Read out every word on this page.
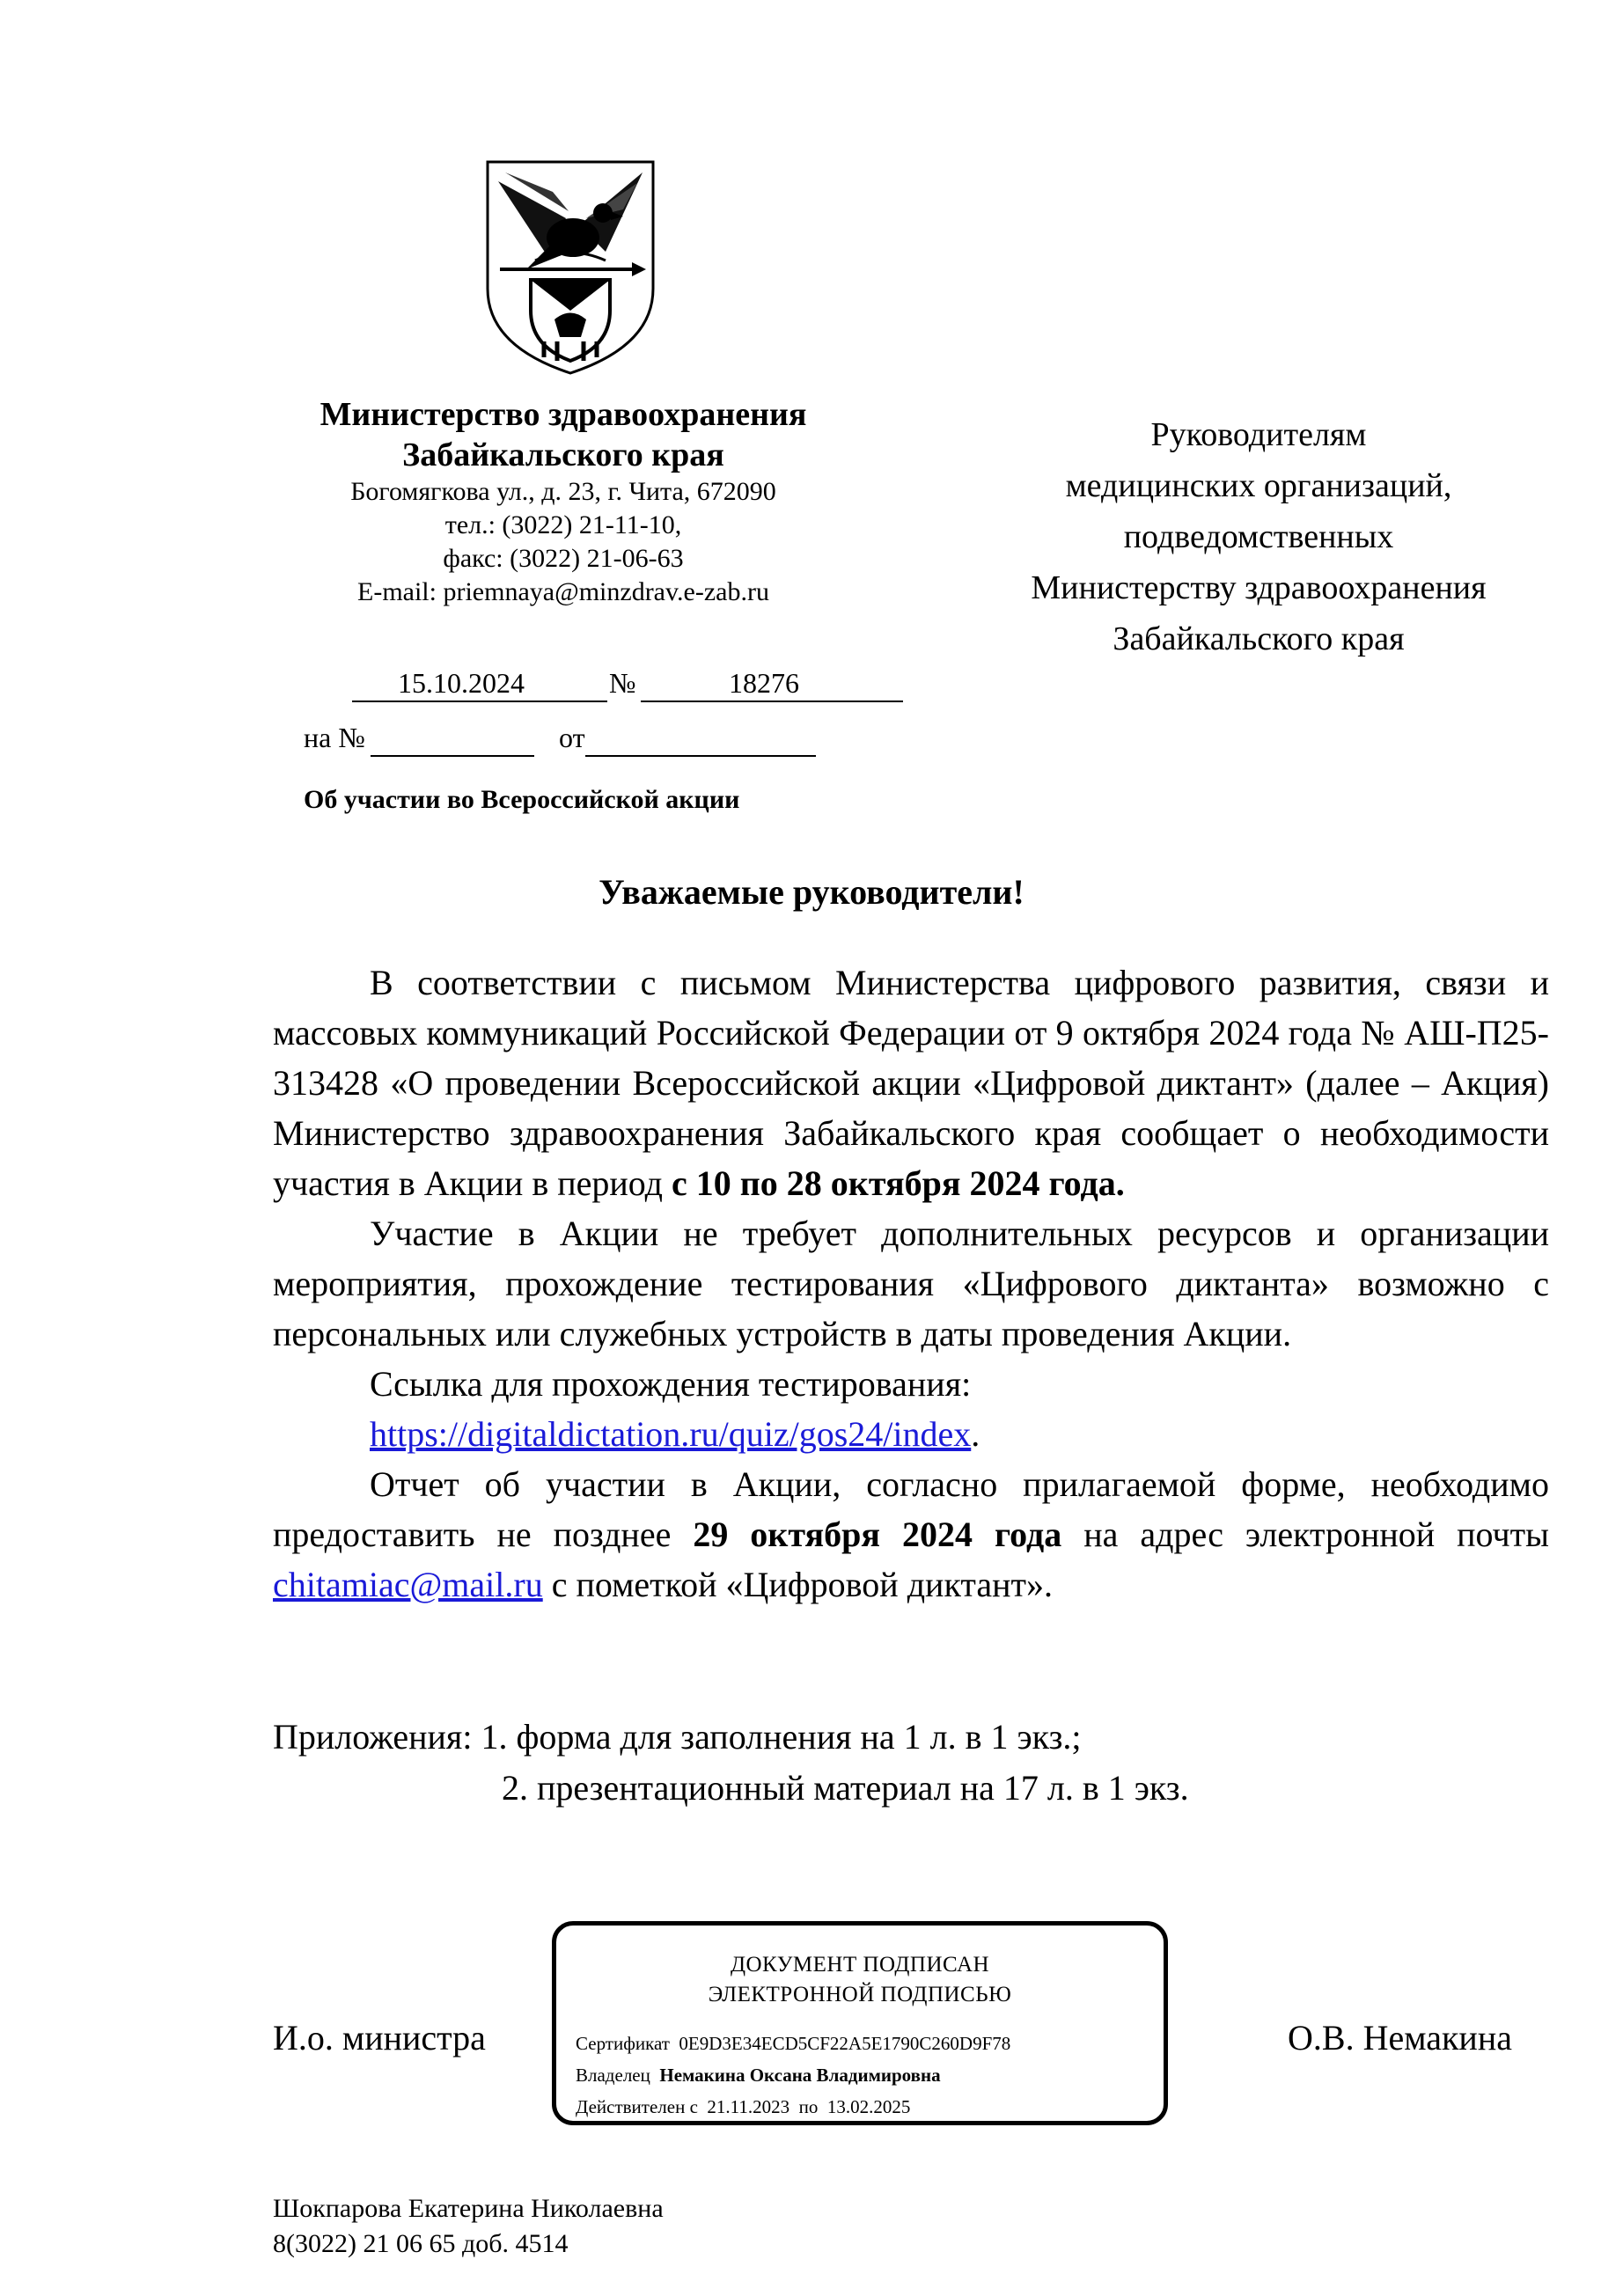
Министерство здравоохранения
Забайкальского края
Богомягкова ул., д. 23, г. Чита, 672090
тел.: (3022) 21-11-10,
факс: (3022) 21-06-63
E-mail: priemnaya@minzdrav.e-zab.ru
Руководителям
медицинских организаций,
подведомственных
Министерству здравоохранения
Забайкальского края
15.10.2024	№	18276
на №	от
Об участии во Всероссийской акции
Уважаемые руководители!

В соответствии с письмом Министерства цифрового развития, связи и массовых коммуникаций Российской Федерации от 9 октября 2024 года № АШ-П25-313428 «О проведении Всероссийской акции «Цифровой диктант» (далее – Акция) Министерство здравоохранения Забайкальского края сообщает о необходимости участия в Акции в период с 10 по 28 октября 2024 года.

Участие в Акции не требует дополнительных ресурсов и организации мероприятия, прохождение тестирования «Цифрового диктанта» возможно с персональных или служебных устройств в даты проведения Акции.

Ссылка для прохождения тестирования:

https://digitaldictation.ru/quiz/gos24/index.

Отчет об участии в Акции, согласно прилагаемой форме, необходимо предоставить не позднее 29 октября 2024 года на адрес электронной почты chitamiac@mail.ru с пометкой «Цифровой диктант».

Приложения: 1. форма для заполнения на 1 л. в 1 экз.;
2. презентационный материал на 17 л. в 1 экз.
И.о. министра
ДОКУМЕНТ ПОДПИСАН
ЭЛЕКТРОННОЙ ПОДПИСЬЮ
Сертификат 0E9D3E34ECD5CF22A5E1790C260D9F78
Владелец Немакина Оксана Владимировна
Действителен с 21.11.2023 по 13.02.2025
О.В. Немакина
Шокпарова Екатерина Николаевна
8(3022) 21 06 65 доб. 4514
